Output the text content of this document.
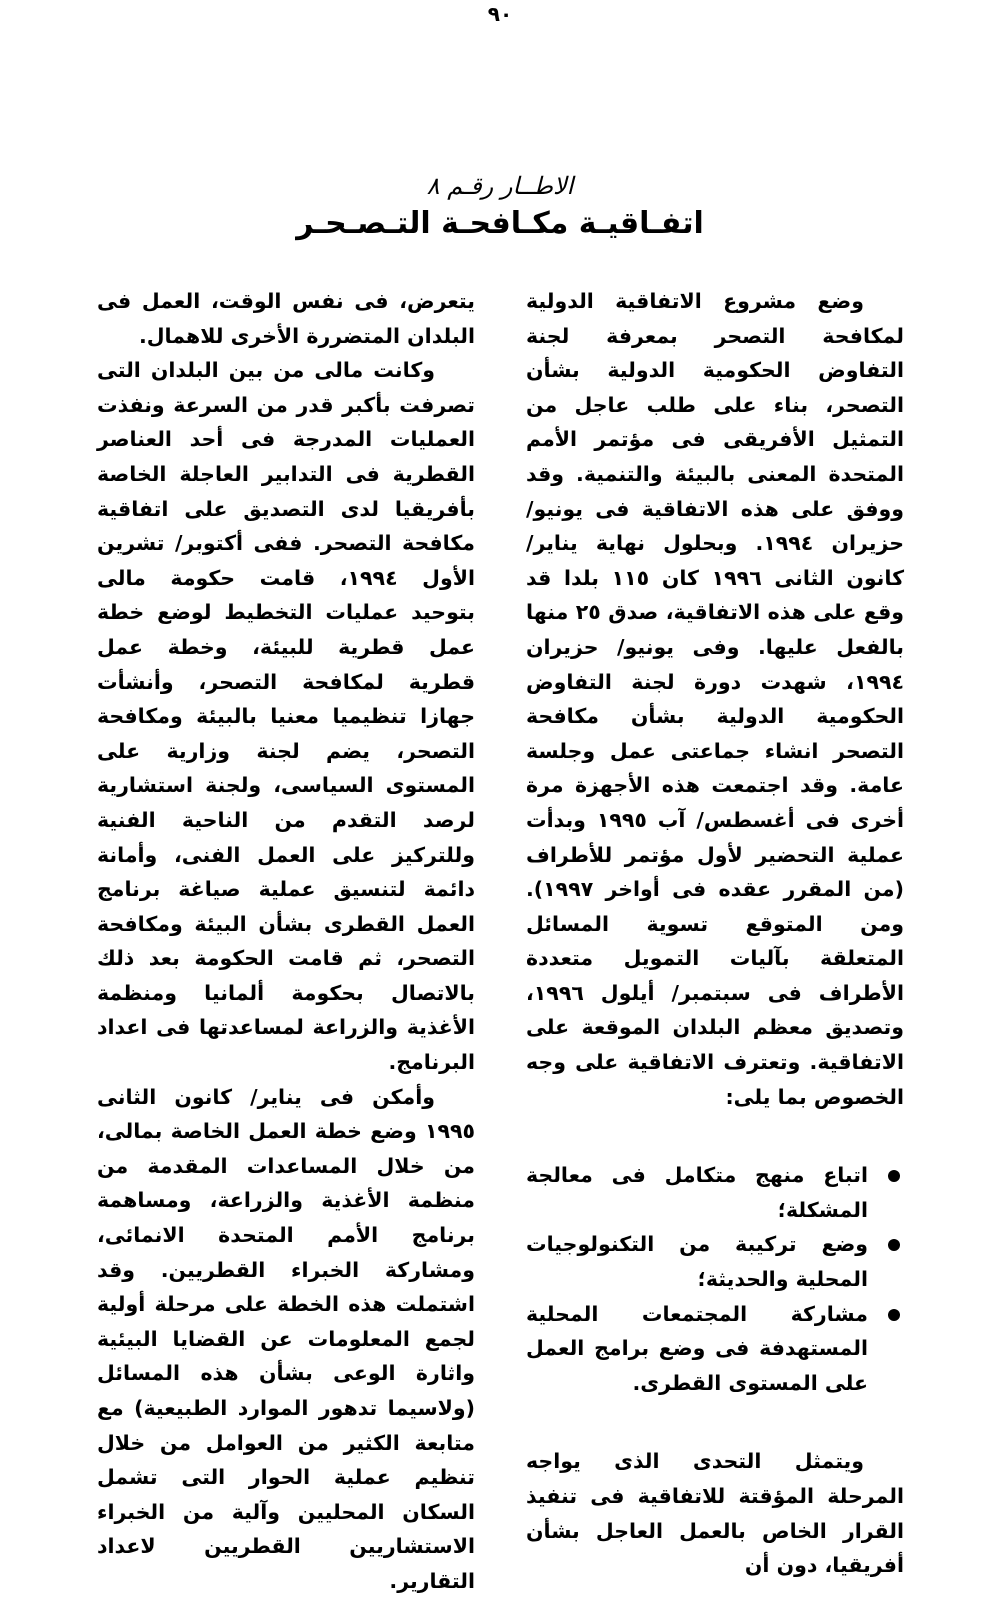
٩٠
الاطــار رقـم ٨
اتفـاقيـة مكـافحـة التـصـحـر

وضع مشروع الاتفاقية الدولية لمكافحة التصحر بمعرفة لجنة التفاوض الحكومية الدولية بشأن التصحر، بناء على طلب عاجل من التمثيل الأفريقى فى مؤتمر الأمم المتحدة المعنى بالبيئة والتنمية. وقد ووفق على هذه الاتفاقية فى يونيو/ حزيران ١٩٩٤. وبحلول نهاية يناير/ كانون الثانى ١٩٩٦ كان ١١٥ بلدا قد وقع على هذه الاتفاقية، صدق ٢٥ منها بالفعل عليها. وفى يونيو/ حزيران ١٩٩٤، شهدت دورة لجنة التفاوض الحكومية الدولية بشأن مكافحة التصحر انشاء جماعتى عمل وجلسة عامة. وقد اجتمعت هذه الأجهزة مرة أخرى فى أغسطس/ آب ١٩٩٥ وبدأت عملية التحضير لأول مؤتمر للأطراف (من المقرر عقده فى أواخر ١٩٩٧). ومن المتوقع تسوية المسائل المتعلقة بآليات التمويل متعددة الأطراف فى سبتمبر/ أيلول ١٩٩٦، وتصديق معظم البلدان الموقعة على الاتفاقية. وتعترف الاتفاقية على وجه الخصوص بما يلى:

اتباع منهج متكامل فى معالجة المشكلة؛
وضع تركيبة من التكنولوجيات المحلية والحديثة؛
مشاركة المجتمعات المحلية المستهدفة فى وضع برامج العمل على المستوى القطرى.

ويتمثل التحدى الذى يواجه المرحلة المؤقتة للاتفاقية فى تنفيذ القرار الخاص بالعمل العاجل بشأن أفريقيا، دون أن

يتعرض، فى نفس الوقت، العمل فى البلدان المتضررة الأخرى للاهمال.

وكانت مالى من بين البلدان التى تصرفت بأكبر قدر من السرعة ونفذت العمليات المدرجة فى أحد العناصر القطرية فى التدابير العاجلة الخاصة بأفريقيا لدى التصديق على اتفاقية مكافحة التصحر. ففى أكتوبر/ تشرين الأول ١٩٩٤، قامت حكومة مالى بتوحيد عمليات التخطيط لوضع خطة عمل قطرية للبيئة، وخطة عمل قطرية لمكافحة التصحر، وأنشأت جهازا تنظيميا معنيا بالبيئة ومكافحة التصحر، يضم لجنة وزارية على المستوى السياسى، ولجنة استشارية لرصد التقدم من الناحية الفنية وللتركيز على العمل الفنى، وأمانة دائمة لتنسيق عملية صياغة برنامج العمل القطرى بشأن البيئة ومكافحة التصحر، ثم قامت الحكومة بعد ذلك بالاتصال بحكومة ألمانيا ومنظمة الأغذية والزراعة لمساعدتها فى اعداد البرنامج.

وأمكن فى يناير/ كانون الثانى ١٩٩٥ وضع خطة العمل الخاصة بمالى، من خلال المساعدات المقدمة من منظمة الأغذية والزراعة، ومساهمة برنامج الأمم المتحدة الانمائى، ومشاركة الخبراء القطريين. وقد اشتملت هذه الخطة على مرحلة أولية لجمع المعلومات عن القضايا البيئية واثارة الوعى بشأن هذه المسائل (ولاسيما تدهور الموارد الطبيعية) مع متابعة الكثير من العوامل من خلال تنظيم عملية الحوار التى تشمل السكان المحليين وآلية من الخبراء الاستشاريين القطريين لاعداد التقارير.
